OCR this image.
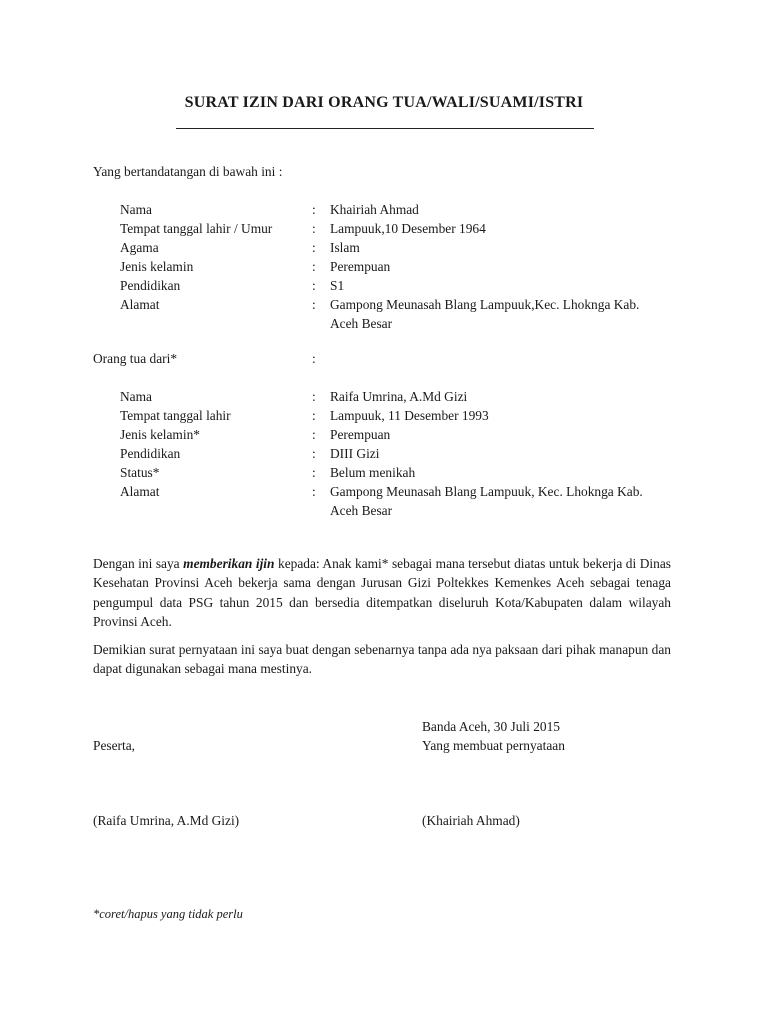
SURAT IZIN DARI ORANG TUA/WALI/SUAMI/ISTRI
Yang bertandatangan di bawah ini :
Nama	: Khairiah Ahmad
Tempat tanggal lahir / Umur	: Lampuuk,10 Desember 1964
Agama	: Islam
Jenis kelamin	: Perempuan
Pendidikan	: S1
Alamat	: Gampong Meunasah Blang Lampuuk,Kec. Lhoknga Kab.
Aceh Besar
Orang tua dari*	:
Nama	: Raifa Umrina, A.Md Gizi
Tempat tanggal lahir	: Lampuuk, 11 Desember 1993
Jenis kelamin*	: Perempuan
Pendidikan	: DIII Gizi
Status*	: Belum menikah
Alamat	: Gampong Meunasah Blang Lampuuk, Kec. Lhoknga Kab.
Aceh Besar
Dengan ini saya memberikan ijin kepada: Anak kami* sebagai mana tersebut diatas untuk bekerja di Dinas Kesehatan Provinsi Aceh bekerja sama dengan Jurusan Gizi Poltekkes Kemenkes Aceh sebagai tenaga pengumpul data PSG tahun 2015 dan bersedia ditempatkan diseluruh Kota/Kabupaten dalam wilayah Provinsi Aceh.
Demikian surat pernyataan ini saya buat dengan sebenarnya tanpa ada nya paksaan dari pihak manapun dan dapat digunakan sebagai mana mestinya.
Banda Aceh, 30 Juli 2015
Peserta,	Yang membuat pernyataan
(Raifa Umrina, A.Md Gizi)	(Khairiah Ahmad)
*coret/hapus yang tidak perlu
